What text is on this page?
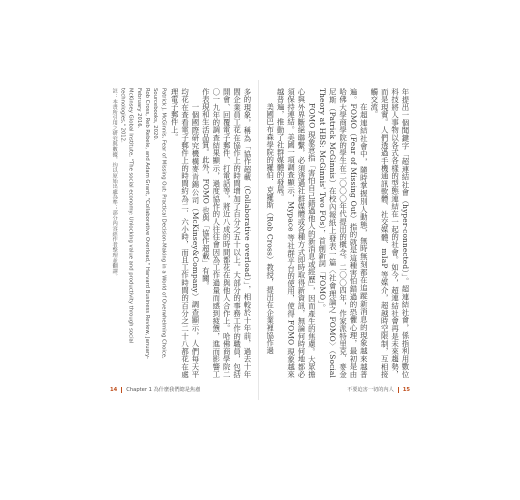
多的現象，稱為「協作超載（Collaborative overload）」，相較於十年前，過去十年間企業員工花在協作上的時間增加了百分之五十以上。大部分的事務工作的職員，包括開會、回覆電子郵件、打電話等，將近八成的時間都花在與他人合作上。哈佛商學院二〇一九年的調查結果顯示，過度協作的人往往會因為工作過量而感到疲憊，進而影響工作表現和生活品質。此外，FOMO 也與「協作超載」有關。

一個國際研究機構麥肯錫公司（McKinsey&Company）調查顯示，人們每天平均花在查看電子郵件上的時間約為二．六小時，而且工作時間的百分之二十八都花在處理電子郵件上。

Patrick J. McGinnis, Fear of Missing Out: Practical Decision-Making in a World of Overwhelming Choice, Sourcebooks, 2020.
Rob Cross, Reb Rebele, and Adam Grant, "Collaborative Overload," Harvard Business Review, January-February 2016.
McKinsey Global Institute, "The social economy: Unlocking value and productivity through social technologies," 2012.
註：本書所引用之研究與數據，均以原始出處為準；部分內容經作者整理並翻譯。
14 Chapter 1 為什麼我們總是焦慮

年提出一個聞鍵字「超連結社會（hyper-connected）」。超連結社會，係指利用數位科技將人事物以各式各樣的型態連結在一起的社會。如今，超連結社會再是未來趨勢，而是現實。人們透過手機通訊軟體、社交媒體、mIaP 等媒介，超越時空限制，互相接觸交流。

在超連結社會中，隨時掌握別人動態，無時無刻都在追蹤新消息的現象越來越普遍。FOMO（Fear of Missing Out）指的就是這種害怕錯過的恐懼心理，最初是由哈佛大學商學院的學生在二〇〇〇年代提出的概念。二〇〇四年，作家派特里克．麥金尼斯（Patrick McGinnis）在校內報紙上發表一篇〈社會理論之 FOMO〉（Social Theory at HBS: McGinnis' Two FOs），首創新詞「FOMO」。

FOMO 現象意指「害怕自己錯過他人的新消息或經歷」，因而產生的焦慮。大眾擔心與外界斷絕聯繫，必須透過社群媒體或各種方式即時取得新資訊，無論何時何地都必須保持連結。美國一項調查顯示，Mypace 等社群平台的使用，使得 FOMO 現象越來越普遍，推動了社群媒體的發展。

美國巴布森學院的羅伯．克羅斯（Rob Cross）教授，提出在企業裡協作過

不要迫害一切的內人 15
